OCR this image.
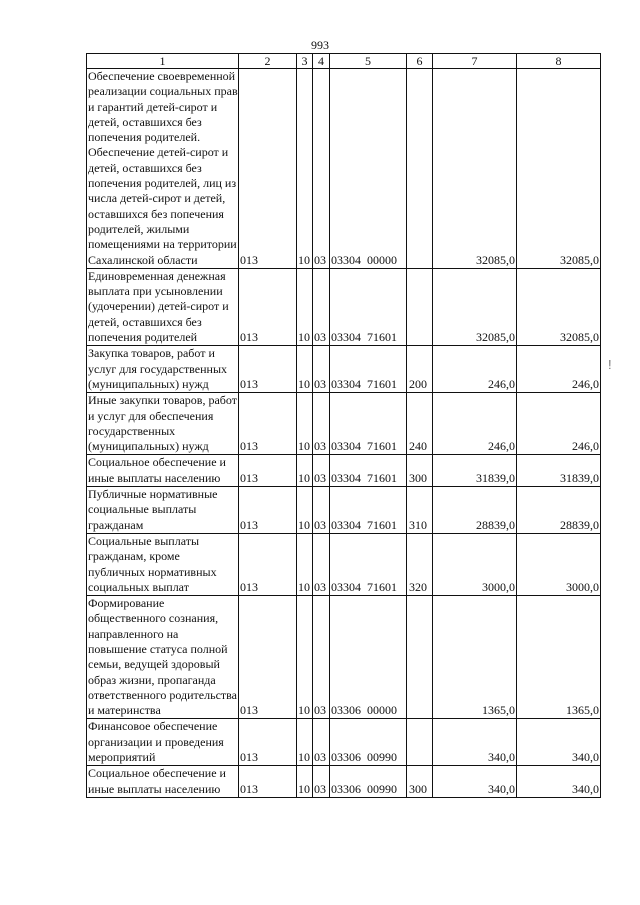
993
1	2	3	4	5	6	7	8
Обеспечение своевременной реализации социальных прав и гарантий детей-сирот и детей, оставшихся без попечения родителей. Обеспечение детей-сирот и детей, оставшихся без попечения родителей, лиц из числа детей-сирот и детей, оставшихся без попечения родителей, жилыми помещениями на территории Сахалинской области	013	10	03	03304 00000		32085,0	32085,0
Единовременная денежная выплата при усыновлении (удочерении) детей-сирот и детей, оставшихся без попечения родителей	013	10	03	03304 71601		32085,0	32085,0
Закупка товаров, работ и услуг для государственных (муниципальных) нужд	013	10	03	03304 71601	200	246,0	246,0
Иные закупки товаров, работ и услуг для обеспечения государственных (муниципальных) нужд	013	10	03	03304 71601	240	246,0	246,0
Социальное обеспечение и иные выплаты населению	013	10	03	03304 71601	300	31839,0	31839,0
Публичные нормативные социальные выплаты гражданам	013	10	03	03304 71601	310	28839,0	28839,0
Социальные выплаты гражданам, кроме публичных нормативных социальных выплат	013	10	03	03304 71601	320	3000,0	3000,0
Формирование общественного сознания, направленного на повышение статуса полной семьи, ведущей здоровый образ жизни, пропаганда ответственного родительства и материнства	013	10	03	03306 00000		1365,0	1365,0
Финансовое обеспечение организации и проведения мероприятий	013	10	03	03306 00990		340,0	340,0
Социальное обеспечение и иные выплаты населению	013	10	03	03306 00990	300	340,0	340,0
!
